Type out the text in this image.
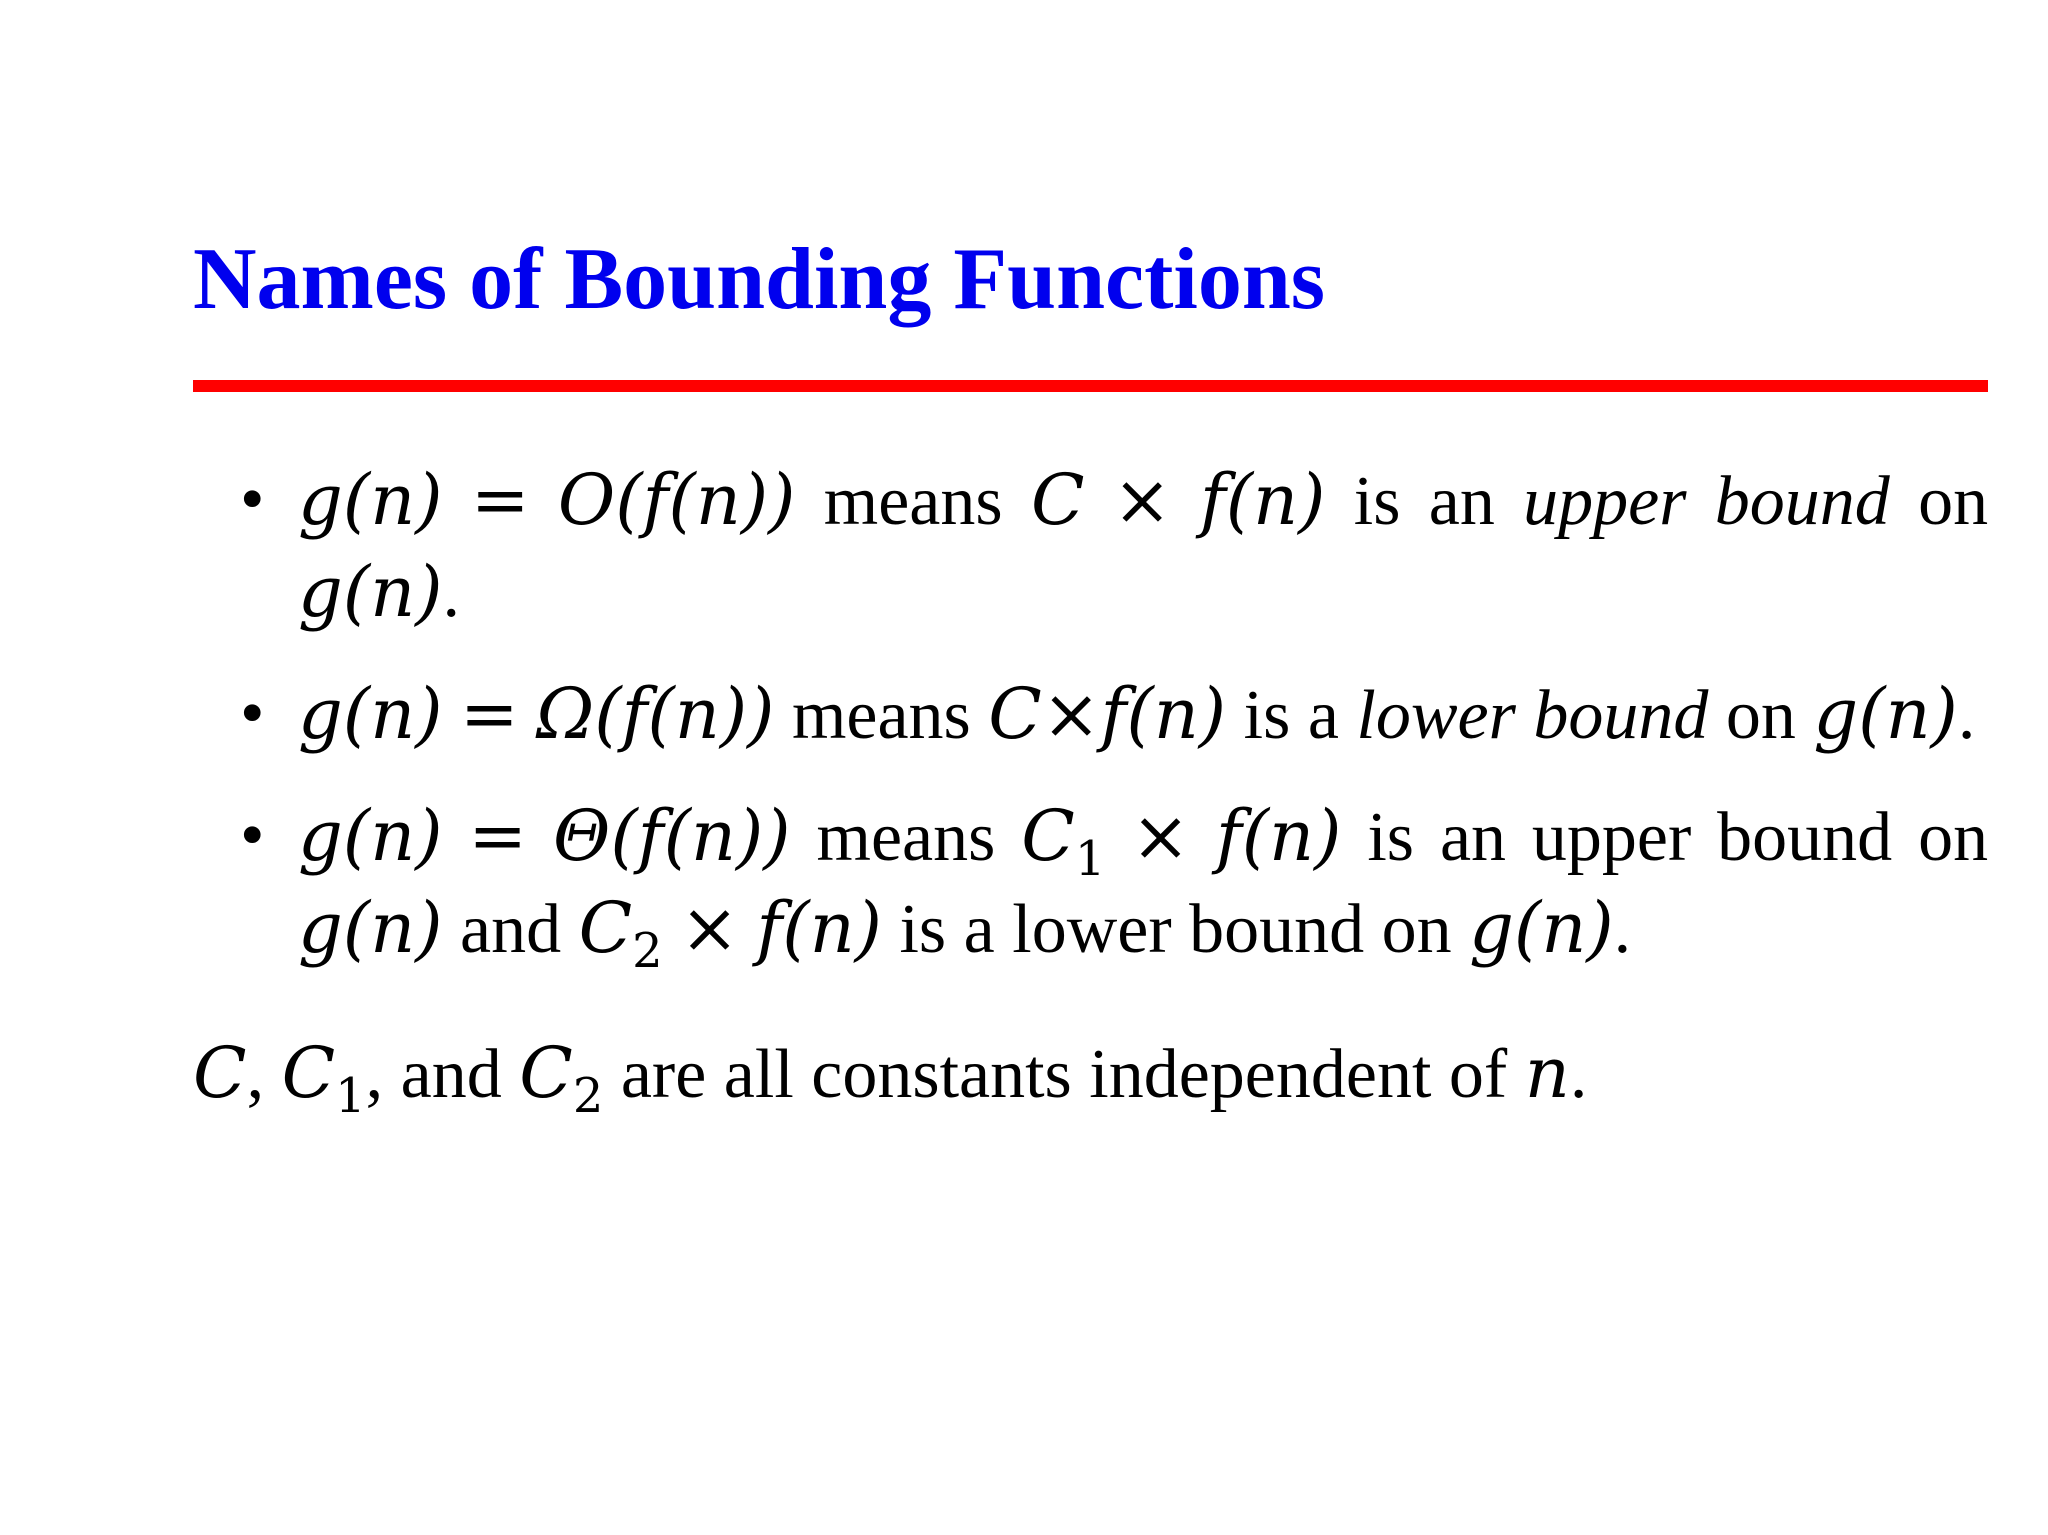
Names of Bounding Functions
• g(n) = O(f(n)) means C × f(n) is an upper bound on g(n).
• g(n) = Ω(f(n)) means C×f(n) is a lower bound on g(n).
• g(n) = Θ(f(n)) means $C_1 \times f(n)$ is an upper bound on g(n) and $C_2 \times f(n)$ is a lower bound on g(n).

C, $C_1$, and $C_2$ are all constants independent of n.
